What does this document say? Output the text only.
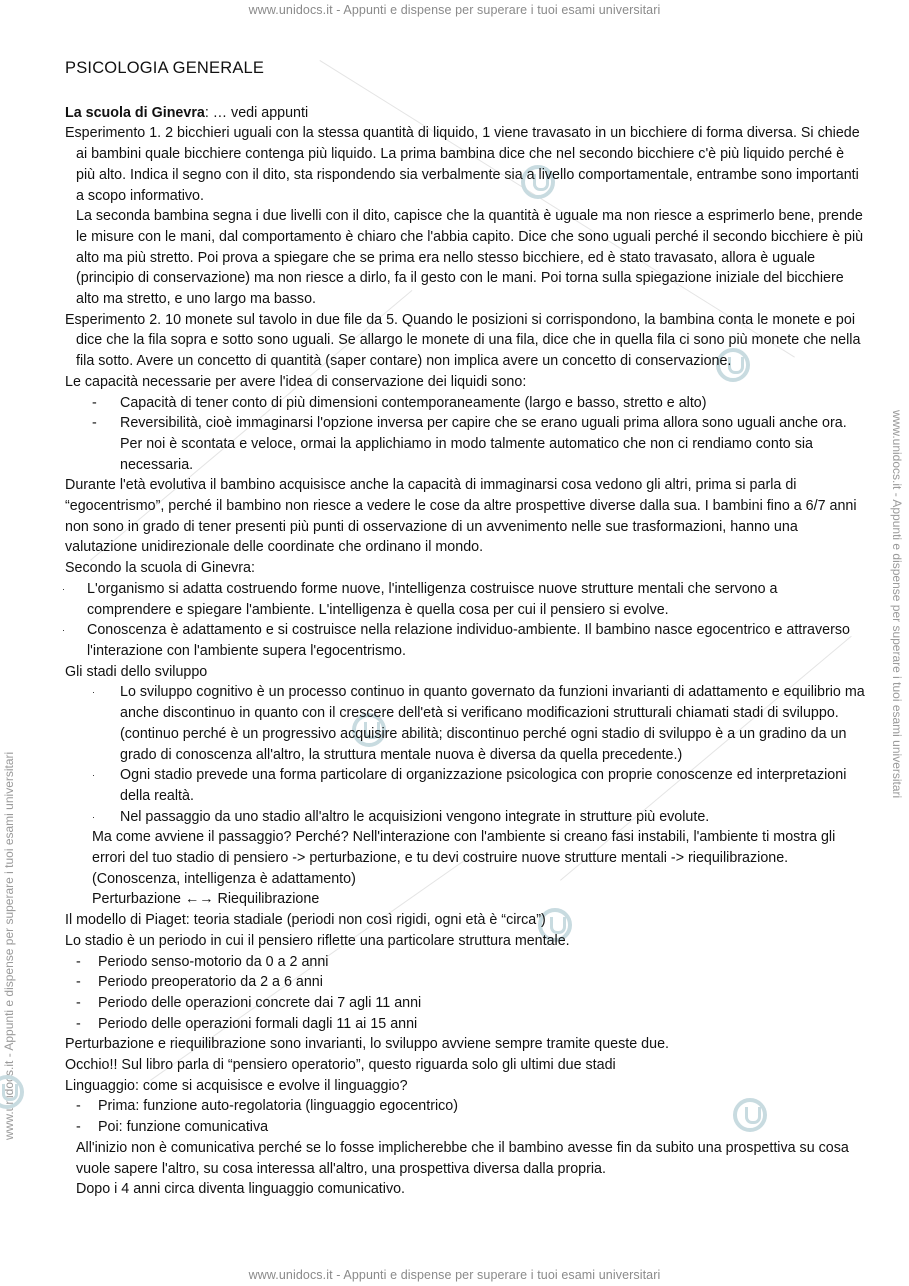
www.unidocs.it - Appunti e dispense per superare i tuoi esami universitari
www.unidocs.it - Appunti e dispense per superare i tuoi esami universitari
www.unidocs.it - Appunti e dispense per superare i tuoi esami universitari
www.unidocs.it - Appunti e dispense per superare i tuoi esami universitari
PSICOLOGIA GENERALE

La scuola di Ginevra: … vedi appunti

Esperimento 1. 2 bicchieri uguali con la stessa quantità di liquido, 1 viene travasato in un bicchiere di forma diversa. Si chiede ai bambini quale bicchiere contenga più liquido. La prima bambina dice che nel secondo bicchiere c'è più liquido perché è più alto. Indica il segno con il dito, sta rispondendo sia verbalmente sia a livello comportamentale, entrambe sono importanti a scopo informativo.

La seconda bambina segna i due livelli con il dito, capisce che la quantità è uguale ma non riesce a esprimerlo bene, prende le misure con le mani, dal comportamento è chiaro che l'abbia capito. Dice che sono uguali perché il secondo bicchiere è più alto ma più stretto. Poi prova a spiegare che se prima era nello stesso bicchiere, ed è stato travasato, allora è uguale (principio di conservazione) ma non riesce a dirlo, fa il gesto con le mani. Poi torna sulla spiegazione iniziale del bicchiere alto ma stretto, e uno largo ma basso.

Esperimento 2. 10 monete sul tavolo in due file da 5. Quando le posizioni si corrispondono, la bambina conta le monete e poi dice che la fila sopra e sotto sono uguali. Se allargo le monete di una fila, dice che in quella fila ci sono più monete che nella fila sotto. Avere un concetto di quantità (saper contare) non implica avere un concetto di conservazione.

Le capacità necessarie per avere l'idea di conservazione dei liquidi sono:

- Capacità di tener conto di più dimensioni contemporaneamente (largo e basso, stretto e alto)
- Reversibilità, cioè immaginarsi l'opzione inversa per capire che se erano uguali prima allora sono uguali anche ora. Per noi è scontata e veloce, ormai la applichiamo in modo talmente automatico che non ci rendiamo conto sia necessaria.

Durante l'età evolutiva il bambino acquisisce anche la capacità di immaginarsi cosa vedono gli altri, prima si parla di “egocentrismo”, perché il bambino non riesce a vedere le cose da altre prospettive diverse dalla sua. I bambini fino a 6/7 anni non sono in grado di tener presenti più punti di osservazione di un avvenimento nelle sue trasformazioni, hanno una valutazione unidirezionale delle coordinate che ordinano il mondo.

Secondo la scuola di Ginevra:

· L'organismo si adatta costruendo forme nuove, l'intelligenza costruisce nuove strutture mentali che servono a comprendere e spiegare l'ambiente. L'intelligenza è quella cosa per cui il pensiero si evolve.
· Conoscenza è adattamento e si costruisce nella relazione individuo-ambiente. Il bambino nasce egocentrico e attraverso l'interazione con l'ambiente supera l'egocentrismo.

Gli stadi dello sviluppo

· Lo sviluppo cognitivo è un processo continuo in quanto governato da funzioni invarianti di adattamento e equilibrio ma anche discontinuo in quanto con il crescere dell'età si verificano modificazioni strutturali chiamati stadi di sviluppo. (continuo perché è un progressivo acquisire abilità; discontinuo perché ogni stadio di sviluppo è a un gradino da un grado di conoscenza all'altro, la struttura mentale nuova è diversa da quella precedente.)
· Ogni stadio prevede una forma particolare di organizzazione psicologica con proprie conoscenze ed interpretazioni della realtà.
· Nel passaggio da uno stadio all'altro le acquisizioni vengono integrate in strutture più evolute.

Ma come avviene il passaggio? Perché? Nell'interazione con l'ambiente si creano fasi instabili, l'ambiente ti mostra gli errori del tuo stadio di pensiero -> perturbazione, e tu devi costruire nuove strutture mentali -> riequilibrazione. (Conoscenza, intelligenza è adattamento)

Perturbazione ←→ Riequilibrazione

Il modello di Piaget: teoria stadiale (periodi non così rigidi, ogni età è “circa”)

Lo stadio è un periodo in cui il pensiero riflette una particolare struttura mentale.

- Periodo senso-motorio da 0 a 2 anni
- Periodo preoperatorio da 2 a 6 anni
- Periodo delle operazioni concrete dai 7 agli 11 anni
- Periodo delle operazioni formali dagli 11 ai 15 anni

Perturbazione e riequilibrazione sono invarianti, lo sviluppo avviene sempre tramite queste due.

Occhio!! Sul libro parla di “pensiero operatorio”, questo riguarda solo gli ultimi due stadi

Linguaggio: come si acquisisce e evolve il linguaggio?

- Prima: funzione auto-regolatoria (linguaggio egocentrico)
- Poi: funzione comunicativa

All'inizio non è comunicativa perché se lo fosse implicherebbe che il bambino avesse fin da subito una prospettiva su cosa vuole sapere l'altro, su cosa interessa all'altro, una prospettiva diversa dalla propria.

Dopo i 4 anni circa diventa linguaggio comunicativo.
